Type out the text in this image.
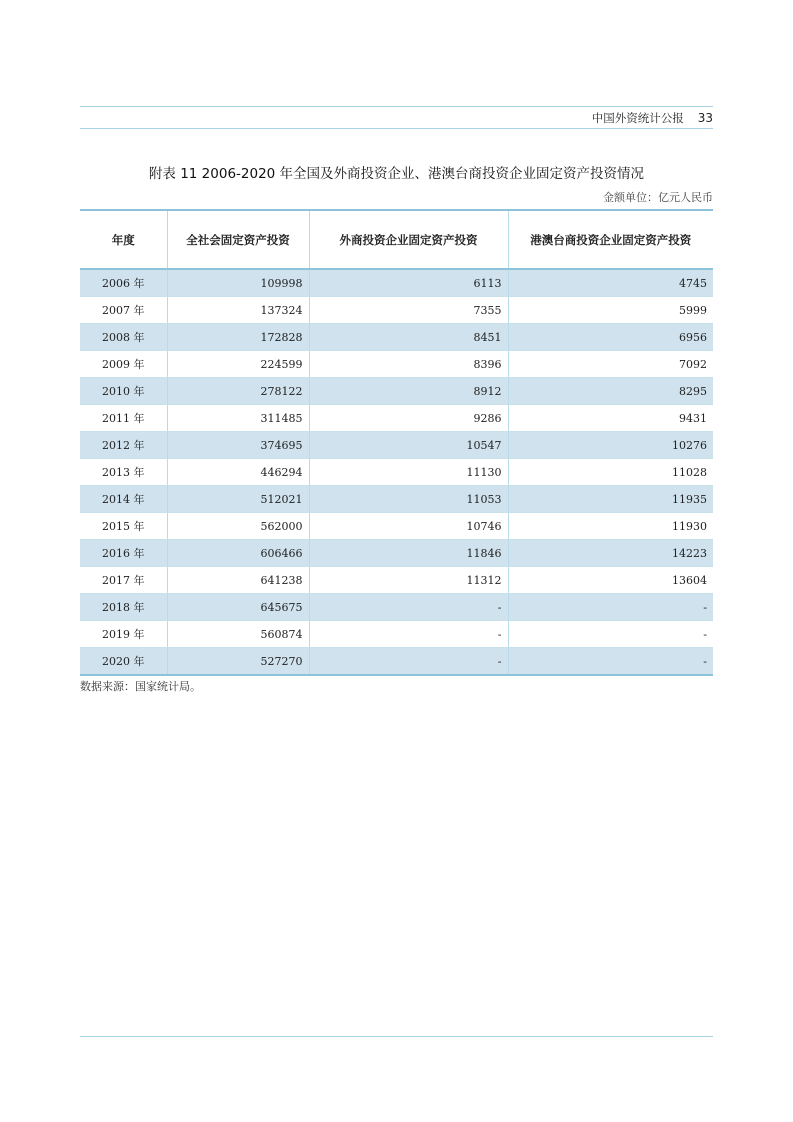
中国外资统计公报 33
附表 11 2006-2020 年全国及外商投资企业、港澳台商投资企业固定资产投资情况
金额单位：亿元人民币
年度	全社会固定资产投资	外商投资企业固定资产投资	港澳台商投资企业固定资产投资
2006 年	109998	6113	4745
2007 年	137324	7355	5999
2008 年	172828	8451	6956
2009 年	224599	8396	7092
2010 年	278122	8912	8295
2011 年	311485	9286	9431
2012 年	374695	10547	10276
2013 年	446294	11130	11028
2014 年	512021	11053	11935
2015 年	562000	10746	11930
2016 年	606466	11846	14223
2017 年	641238	11312	13604
2018 年	645675	-	-
2019 年	560874	-	-
2020 年	527270	-	-
数据来源：国家统计局。
